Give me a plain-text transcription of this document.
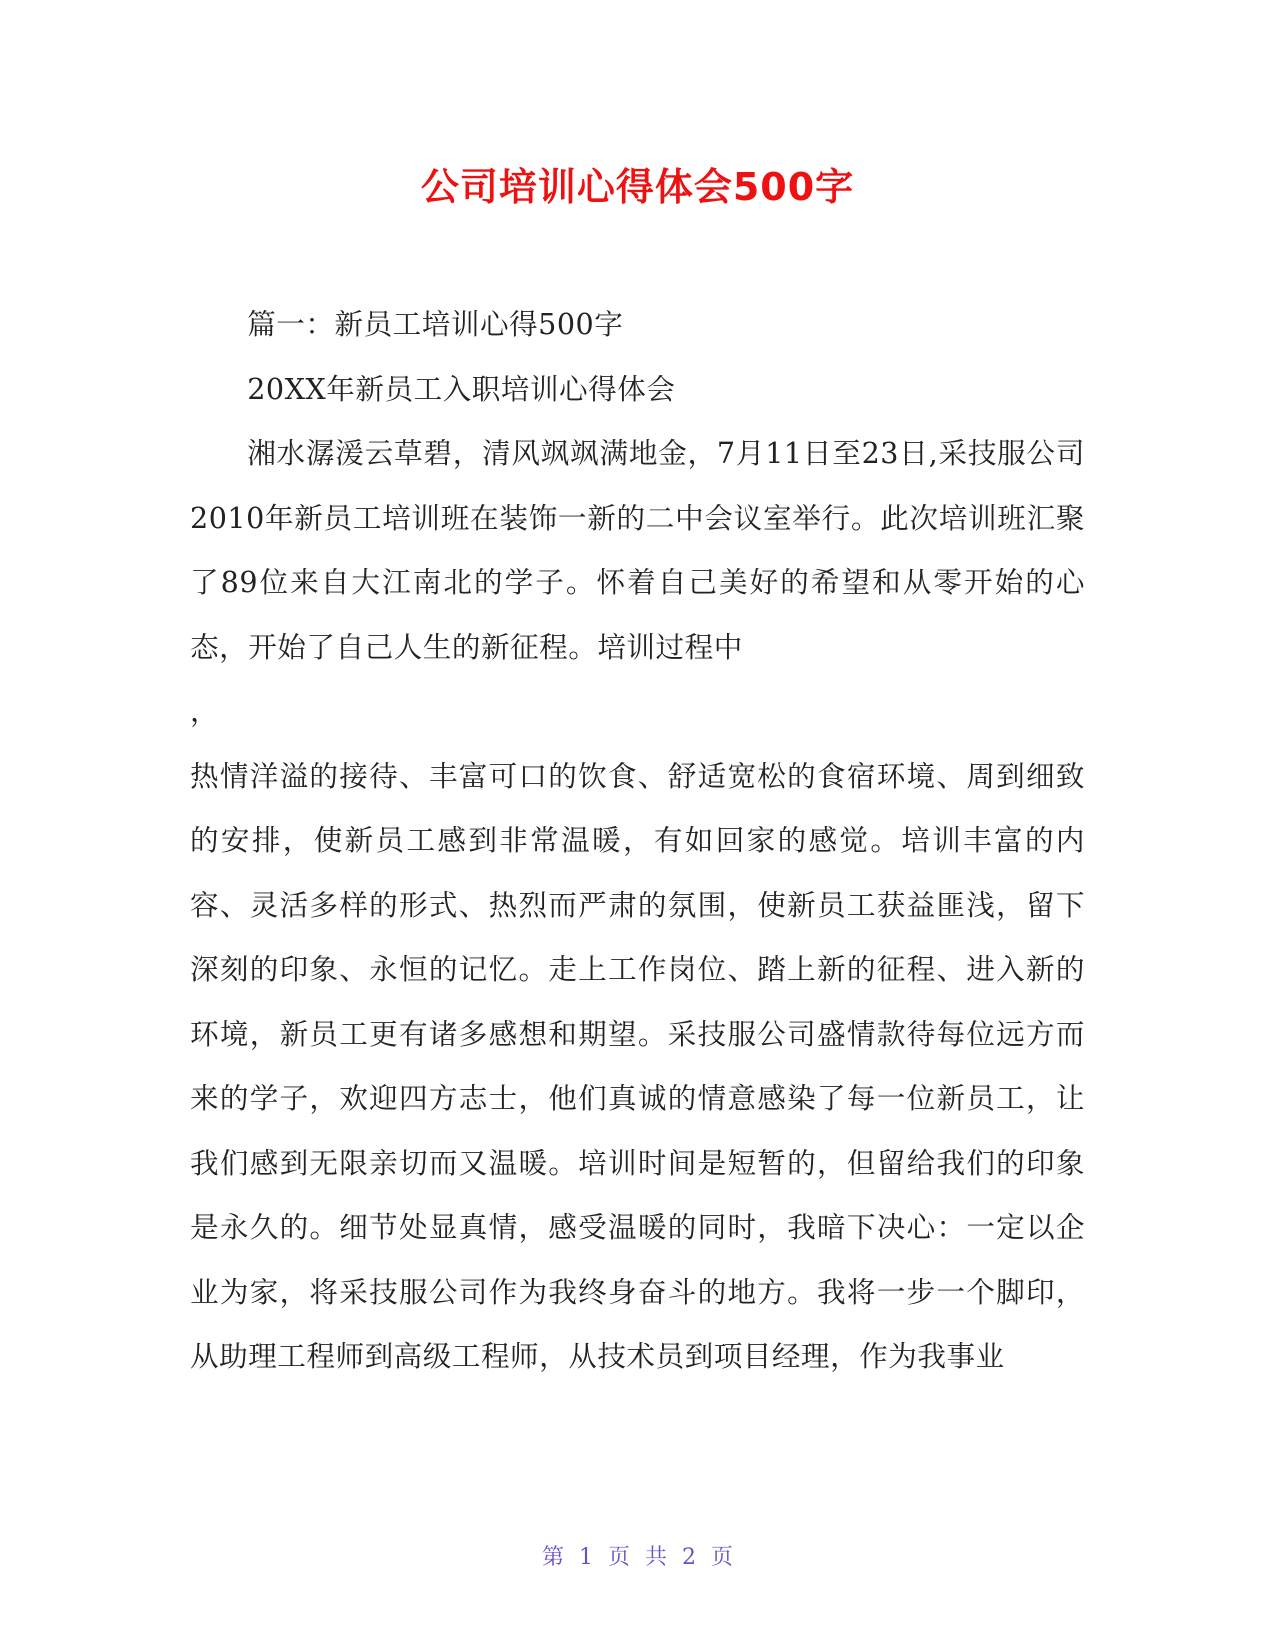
公司培训心得体会500字

篇一：新员工培训心得500字

20XX年新员工入职培训心得体会

湘水潺湲云草碧，清风飒飒满地金，7月11日至23日,采技服公司2010年新员工培训班在装饰一新的二中会议室举行。此次培训班汇聚了89位来自大江南北的学子。怀着自己美好的希望和从零开始的心态，开始了自己人生的新征程。培训过程中

，

热情洋溢的接待、丰富可口的饮食、舒适宽松的食宿环境、周到细致的安排，使新员工感到非常温暖，有如回家的感觉。培训丰富的内容、灵活多样的形式、热烈而严肃的氛围，使新员工获益匪浅，留下深刻的印象、永恒的记忆。走上工作岗位、踏上新的征程、进入新的环境，新员工更有诸多感想和期望。采技服公司盛情款待每位远方而来的学子，欢迎四方志士，他们真诚的情意感染了每一位新员工，让我们感到无限亲切而又温暖。培训时间是短暂的，但留给我们的印象是永久的。细节处显真情，感受温暖的同时，我暗下决心：一定以企业为家，将采技服公司作为我终身奋斗的地方。我将一步一个脚印，从助理工程师到高级工程师，从技术员到项目经理，作为我事业

第 1 页 共 2 页
